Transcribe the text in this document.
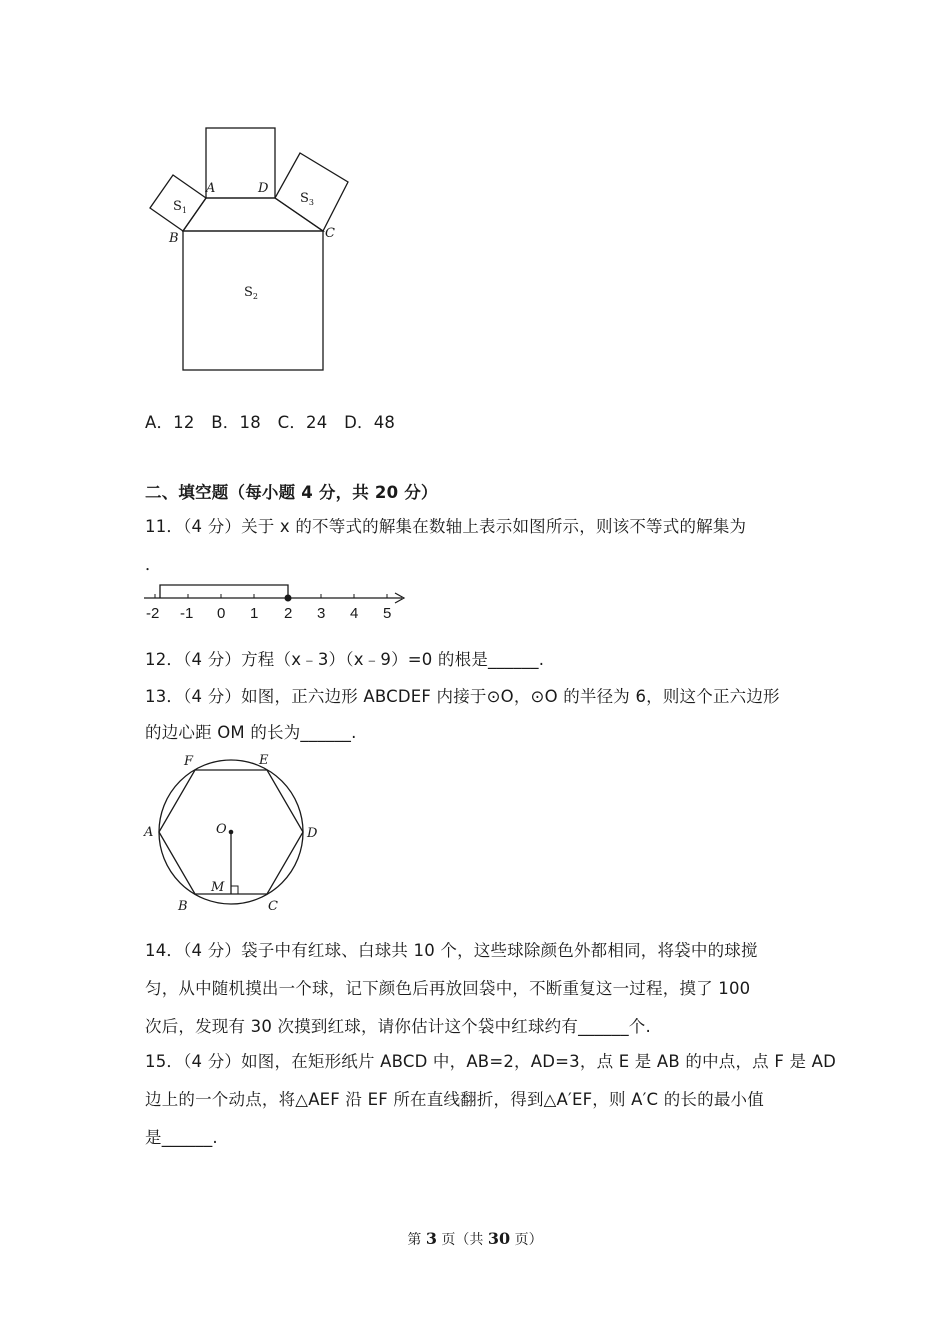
A	D
B	C
$S_1$
$S_2$
$S_3$
A．12　B．18　C．24　D．48
二、填空题（每小题 4 分，共 20 分）
11．（4 分）关于 x 的不等式的解集在数轴上表示如图所示，则该不等式的解集为
．
-2 -1 0 1 2 3 4 5
12．（4 分）方程（x﹣3）（x﹣9）=0 的根是______.
13．（4 分）如图，正六边形 ABCDEF 内接于⊙O，⊙O 的半径为 6，则这个正六边形
的边心距 OM 的长为______.
A
B	C
D
E
F
O
M
14．（4 分）袋子中有红球、白球共 10 个，这些球除颜色外都相同，将袋中的球搅
匀，从中随机摸出一个球，记下颜色后再放回袋中，不断重复这一过程，摸了 100
次后，发现有 30 次摸到红球，请你估计这个袋中红球约有______个.
15．（4 分）如图，在矩形纸片 ABCD 中，AB=2，AD=3，点 E 是 AB 的中点，点 F 是 AD
边上的一个动点，将△AEF 沿 EF 所在直线翻折，得到△A′EF，则 A′C 的长的最小值
是______.
第 3 页（共 30 页）
